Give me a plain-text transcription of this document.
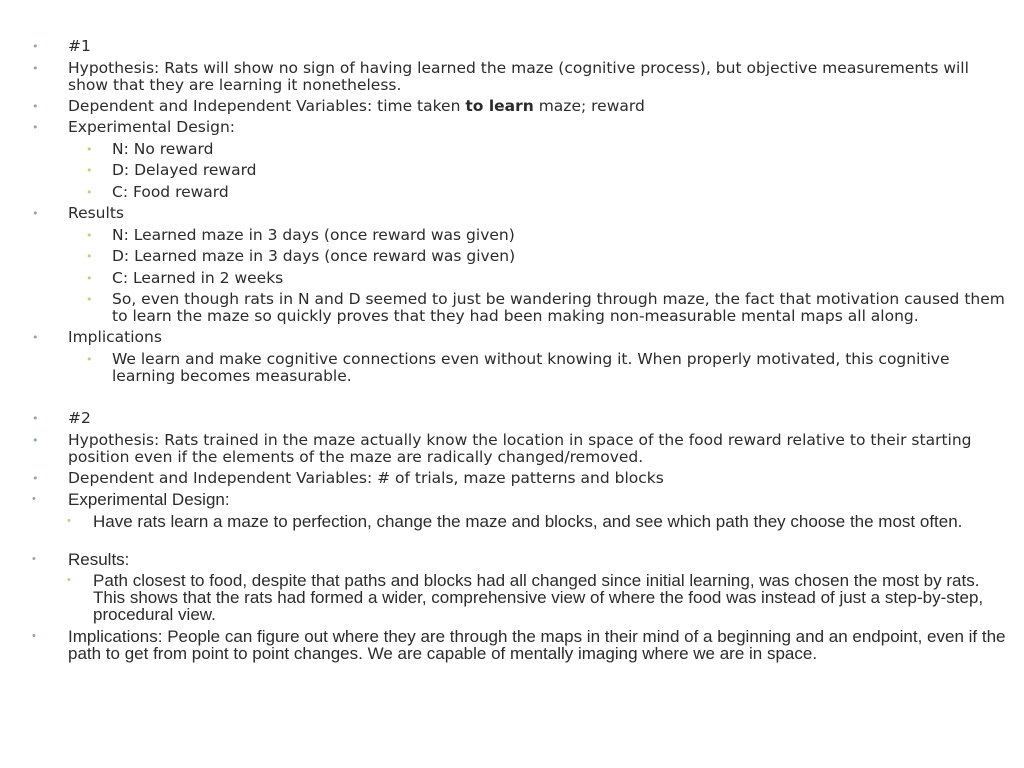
• #1
• Hypothesis: Rats will show no sign of having learned the maze (cognitive process), but objective measurements will show that they are learning it nonetheless.
• Dependent and Independent Variables: time taken to learn maze; reward
• Experimental Design:
• N: No reward
• D: Delayed reward
• C: Food reward
• Results
• N: Learned maze in 3 days (once reward was given)
• D: Learned maze in 3 days (once reward was given)
• C: Learned in 2 weeks
• So, even though rats in N and D seemed to just be wandering through maze, the fact that motivation caused them to learn the maze so quickly proves that they had been making non-measurable mental maps all along.
• Implications
• We learn and make cognitive connections even without knowing it. When properly motivated, this cognitive learning becomes measurable.
• #2
• Hypothesis: Rats trained in the maze actually know the location in space of the food reward relative to their starting position even if the elements of the maze are radically changed/removed.
• Dependent and Independent Variables: # of trials, maze patterns and blocks
• Experimental Design:
• Have rats learn a maze to perfection, change the maze and blocks, and see which path they choose the most often.
• Results:
• Path closest to food, despite that paths and blocks had all changed since initial learning, was chosen the most by rats. This shows that the rats had formed a wider, comprehensive view of where the food was instead of just a step-by-step, procedural view.
• Implications: People can figure out where they are through the maps in their mind of a beginning and an endpoint, even if the path to get from point to point changes. We are capable of mentally imaging where we are in space.
